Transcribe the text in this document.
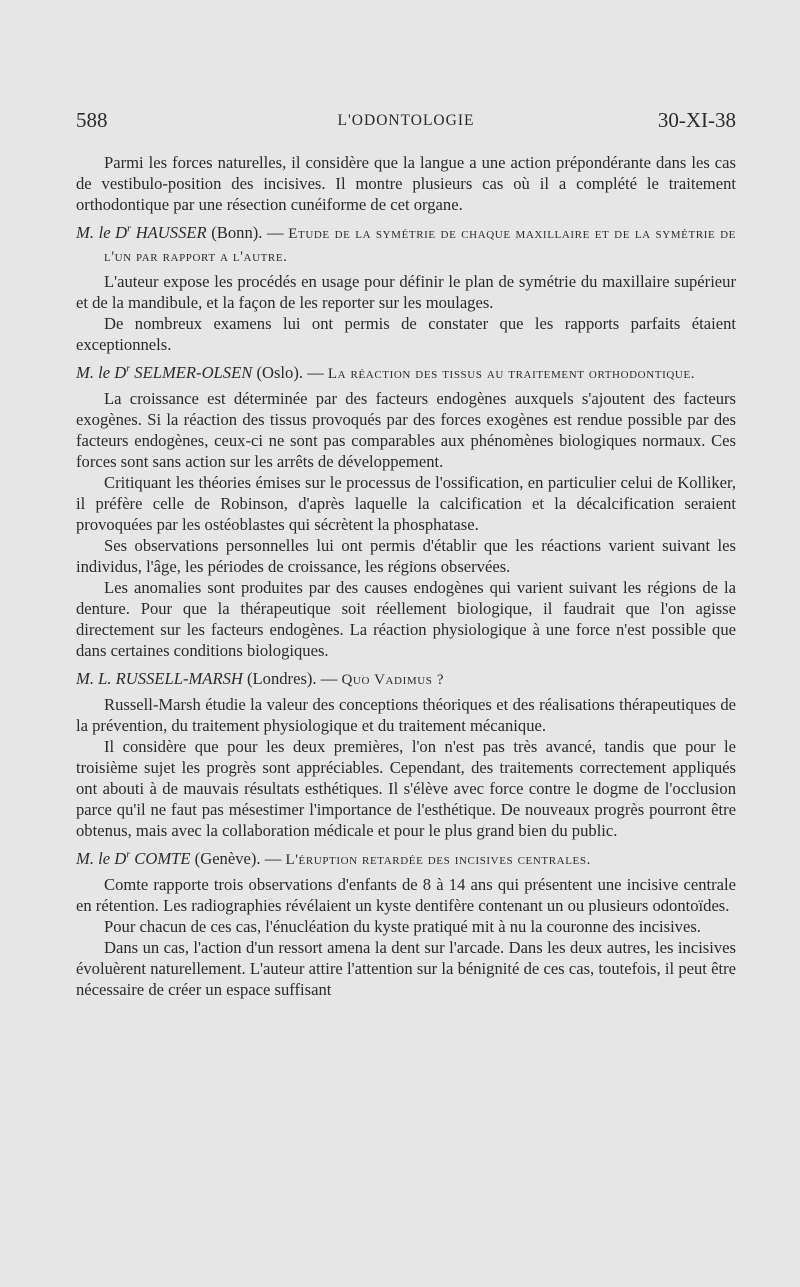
588	L'ODONTOLOGIE	30-XI-38

Parmi les forces naturelles, il considère que la langue a une action prépondérante dans les cas de vestibulo-position des incisives. Il montre plusieurs cas où il a complété le traitement orthodontique par une résection cunéiforme de cet organe.

M. le $D^r$ HAUSSER (Bonn). — Etude de la symétrie de chaque maxillaire et de la symétrie de l'un par rapport a l'autre.

L'auteur expose les procédés en usage pour définir le plan de symétrie du maxillaire supérieur et de la mandibule, et la façon de les reporter sur les moulages.

De nombreux examens lui ont permis de constater que les rapports parfaits étaient exceptionnels.

M. le $D^r$ SELMER-OLSEN (Oslo). — La réaction des tissus au traitement orthodontique.

La croissance est déterminée par des facteurs endogènes auxquels s'ajoutent des facteurs exogènes. Si la réaction des tissus provoqués par des forces exogènes est rendue possible par des facteurs endogènes, ceux-ci ne sont pas comparables aux phénomènes biologiques normaux. Ces forces sont sans action sur les arrêts de développement.

Critiquant les théories émises sur le processus de l'ossification, en particulier celui de Kolliker, il préfère celle de Robinson, d'après laquelle la calcification et la décalcification seraient provoquées par les ostéoblastes qui sécrètent la phosphatase.

Ses observations personnelles lui ont permis d'établir que les réactions varient suivant les individus, l'âge, les périodes de croissance, les régions observées.

Les anomalies sont produites par des causes endogènes qui varient suivant les régions de la denture. Pour que la thérapeutique soit réellement biologique, il faudrait que l'on agisse directement sur les facteurs endogènes. La réaction physiologique à une force n'est possible que dans certaines conditions biologiques.

M. L. RUSSELL-MARSH (Londres). — Quo Vadimus ?

Russell-Marsh étudie la valeur des conceptions théoriques et des réalisations thérapeutiques de la prévention, du traitement physiologique et du traitement mécanique.

Il considère que pour les deux premières, l'on n'est pas très avancé, tandis que pour le troisième sujet les progrès sont appréciables. Cependant, des traitements correctement appliqués ont abouti à de mauvais résultats esthétiques. Il s'élève avec force contre le dogme de l'occlusion parce qu'il ne faut pas mésestimer l'importance de l'esthétique. De nouveaux progrès pourront être obtenus, mais avec la collaboration médicale et pour le plus grand bien du public.

M. le $D^r$ COMTE (Genève). — L'éruption retardée des incisives centrales.

Comte rapporte trois observations d'enfants de 8 à 14 ans qui présentent une incisive centrale en rétention. Les radiographies révélaient un kyste dentifère contenant un ou plusieurs odontoïdes.

Pour chacun de ces cas, l'énucléation du kyste pratiqué mit à nu la couronne des incisives.

Dans un cas, l'action d'un ressort amena la dent sur l'arcade. Dans les deux autres, les incisives évoluèrent naturellement. L'auteur attire l'attention sur la bénignité de ces cas, toutefois, il peut être nécessaire de créer un espace suffisant
